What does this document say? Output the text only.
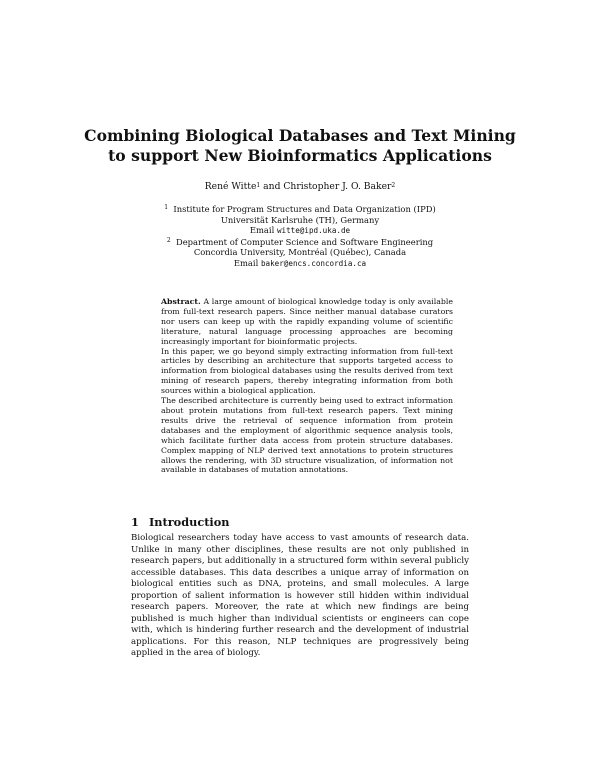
Combining Biological Databases and Text Mining
to support New Bioinformatics Applications
René Witte$^1$ and Christopher J. O. Baker$^2$
$^1$ Institute for Program Structures and Data Organization (IPD)
Universität Karlsruhe (TH), Germany
Email witte@ipd.uka.de
$^2$ Department of Computer Science and Software Engineering
Concordia University, Montréal (Québec), Canada
Email baker@encs.concordia.ca

Abstract. A large amount of biological knowledge today is only available from full-text research papers. Since neither manual database curators nor users can keep up with the rapidly expanding volume of scientific literature, natural language processing approaches are becoming increasingly important for bioinformatic projects.

In this paper, we go beyond simply extracting information from full-text articles by describing an architecture that supports targeted access to information from biological databases using the results derived from text mining of research papers, thereby integrating information from both sources within a biological application.

The described architecture is currently being used to extract information about protein mutations from full-text research papers. Text mining results drive the retrieval of sequence information from protein databases and the employment of algorithmic sequence analysis tools, which facilitate further data access from protein structure databases. Complex mapping of NLP derived text annotations to protein structures allows the rendering, with 3D structure visualization, of information not available in databases of mutation annotations.

1 Introduction

Biological researchers today have access to vast amounts of research data. Unlike in many other disciplines, these results are not only published in research papers, but additionally in a structured form within several publicly accessible databases. This data describes a unique array of information on biological entities such as DNA, proteins, and small molecules. A large proportion of salient information is however still hidden within individual research papers. Moreover, the rate at which new findings are being published is much higher than individual scientists or engineers can cope with, which is hindering further research and the development of industrial applications. For this reason, NLP techniques are progressively being applied in the area of biology.
